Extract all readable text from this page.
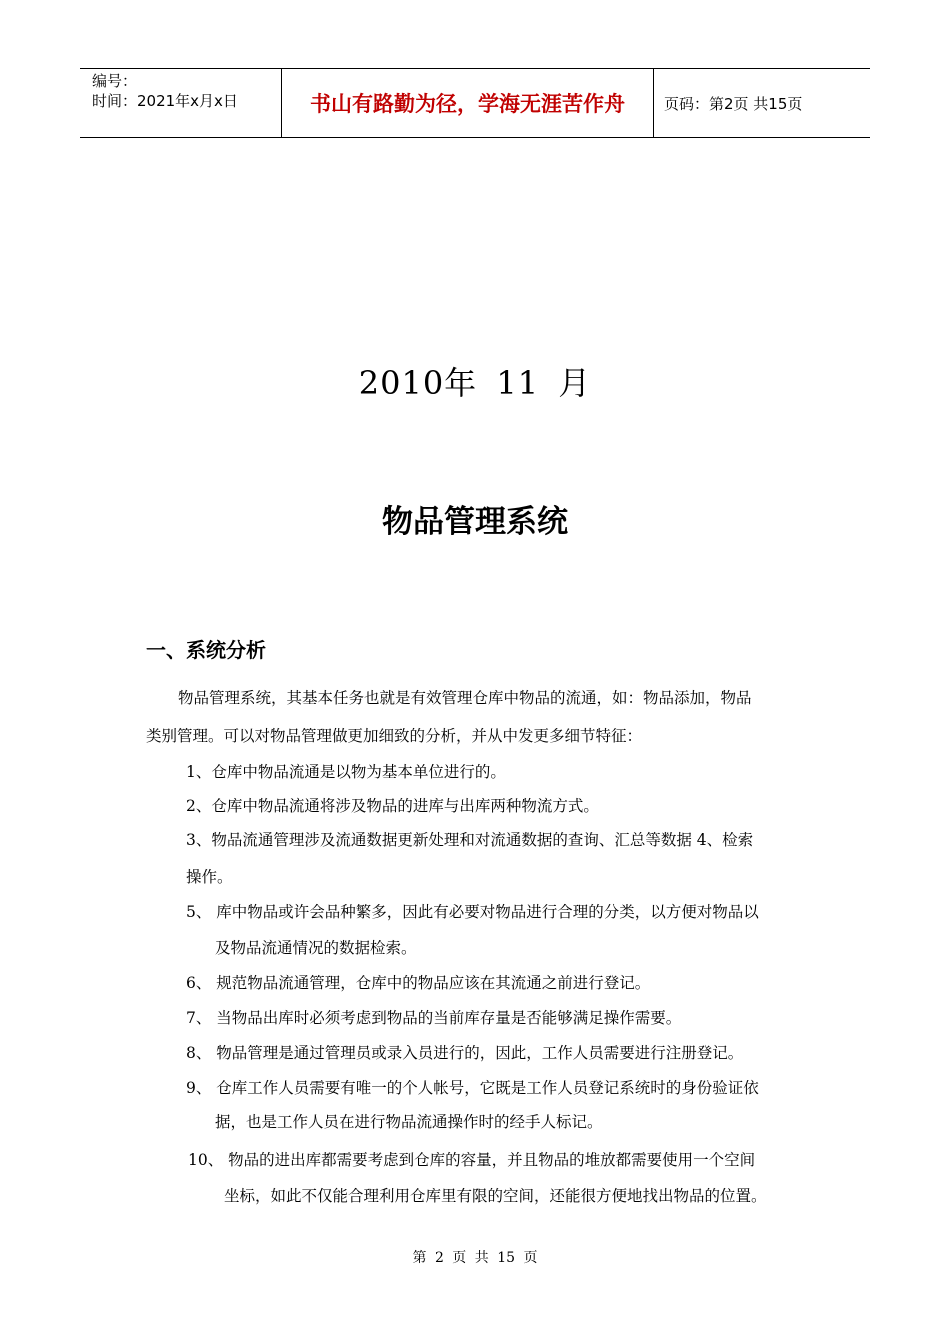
编号：
时间：2021年x月x日	书山有路勤为径，学海无涯苦作舟	页码：第2页 共15页
2010年 11 月
物品管理系统
一、系统分析
物品管理系统，其基本任务也就是有效管理仓库中物品的流通，如：物品添加，物品
类别管理。可以对物品管理做更加细致的分析，并从中发更多细节特征：
1、仓库中物品流通是以物为基本单位进行的。
2、仓库中物品流通将涉及物品的进库与出库两种物流方式。
3、物品流通管理涉及流通数据更新处理和对流通数据的查询、汇总等数据 4、检索
操作。
5、 库中物品或许会品种繁多，因此有必要对物品进行合理的分类，以方便对物品以
及物品流通情况的数据检索。
6、 规范物品流通管理，仓库中的物品应该在其流通之前进行登记。
7、 当物品出库时必须考虑到物品的当前库存量是否能够满足操作需要。
8、 物品管理是通过管理员或录入员进行的，因此，工作人员需要进行注册登记。
9、 仓库工作人员需要有唯一的个人帐号，它既是工作人员登记系统时的身份验证依
据，也是工作人员在进行物品流通操作时的经手人标记。
10、 物品的进出库都需要考虑到仓库的容量，并且物品的堆放都需要使用一个空间
坐标，如此不仅能合理利用仓库里有限的空间，还能很方便地找出物品的位置。
第 2 页 共 15 页
